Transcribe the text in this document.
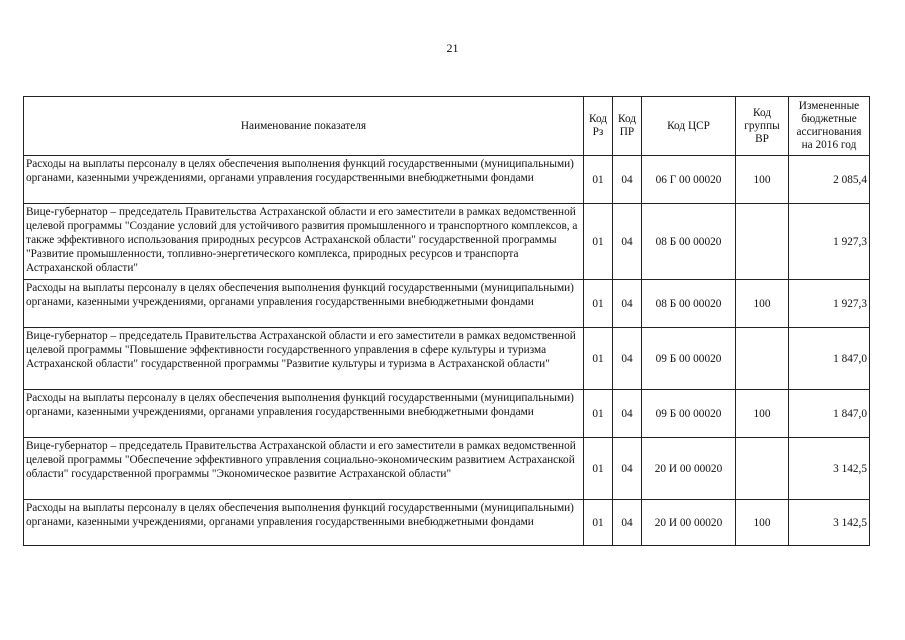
21
Наименование показателя	Код Рз	Код ПР	Код ЦСР	Код группы ВР	Измененные бюджетные ассигнования на 2016 год
Расходы на выплаты персоналу в целях обеспечения выполнения функций государственными (муниципальными) органами, казенными учреждениями, органами управления государственными внебюджетными фондами	01	04	06 Г 00 00020	100	2 085,4
Вице-губернатор – председатель Правительства Астраханской области и его заместители в рамках ведомственной целевой программы "Создание условий для устойчивого развития промышленного и транспортного комплексов, а также эффективного использования природных ресурсов Астраханской области" государственной программы "Развитие промышленности, топливно-энергетического комплекса, природных ресурсов и транспорта Астраханской области"	01	04	08 Б 00 00020		1 927,3
Расходы на выплаты персоналу в целях обеспечения выполнения функций государственными (муниципальными) органами, казенными учреждениями, органами управления государственными внебюджетными фондами	01	04	08 Б 00 00020	100	1 927,3
Вице-губернатор – председатель Правительства Астраханской области и его заместители в рамках ведомственной целевой программы "Повышение эффективности государственного управления в сфере культуры и туризма Астраханской области" государственной программы "Развитие культуры и туризма в Астраханской области"	01	04	09 Б 00 00020		1 847,0
Расходы на выплаты персоналу в целях обеспечения выполнения функций государственными (муниципальными) органами, казенными учреждениями, органами управления государственными внебюджетными фондами	01	04	09 Б 00 00020	100	1 847,0
Вице-губернатор – председатель Правительства Астраханской области и его заместители в рамках ведомственной целевой программы "Обеспечение эффективного управления социально-экономическим развитием Астраханской области" государственной программы "Экономическое развитие Астраханской области"	01	04	20 И 00 00020		3 142,5
Расходы на выплаты персоналу в целях обеспечения выполнения функций государственными (муниципальными) органами, казенными учреждениями, органами управления государственными внебюджетными фондами	01	04	20 И 00 00020	100	3 142,5
